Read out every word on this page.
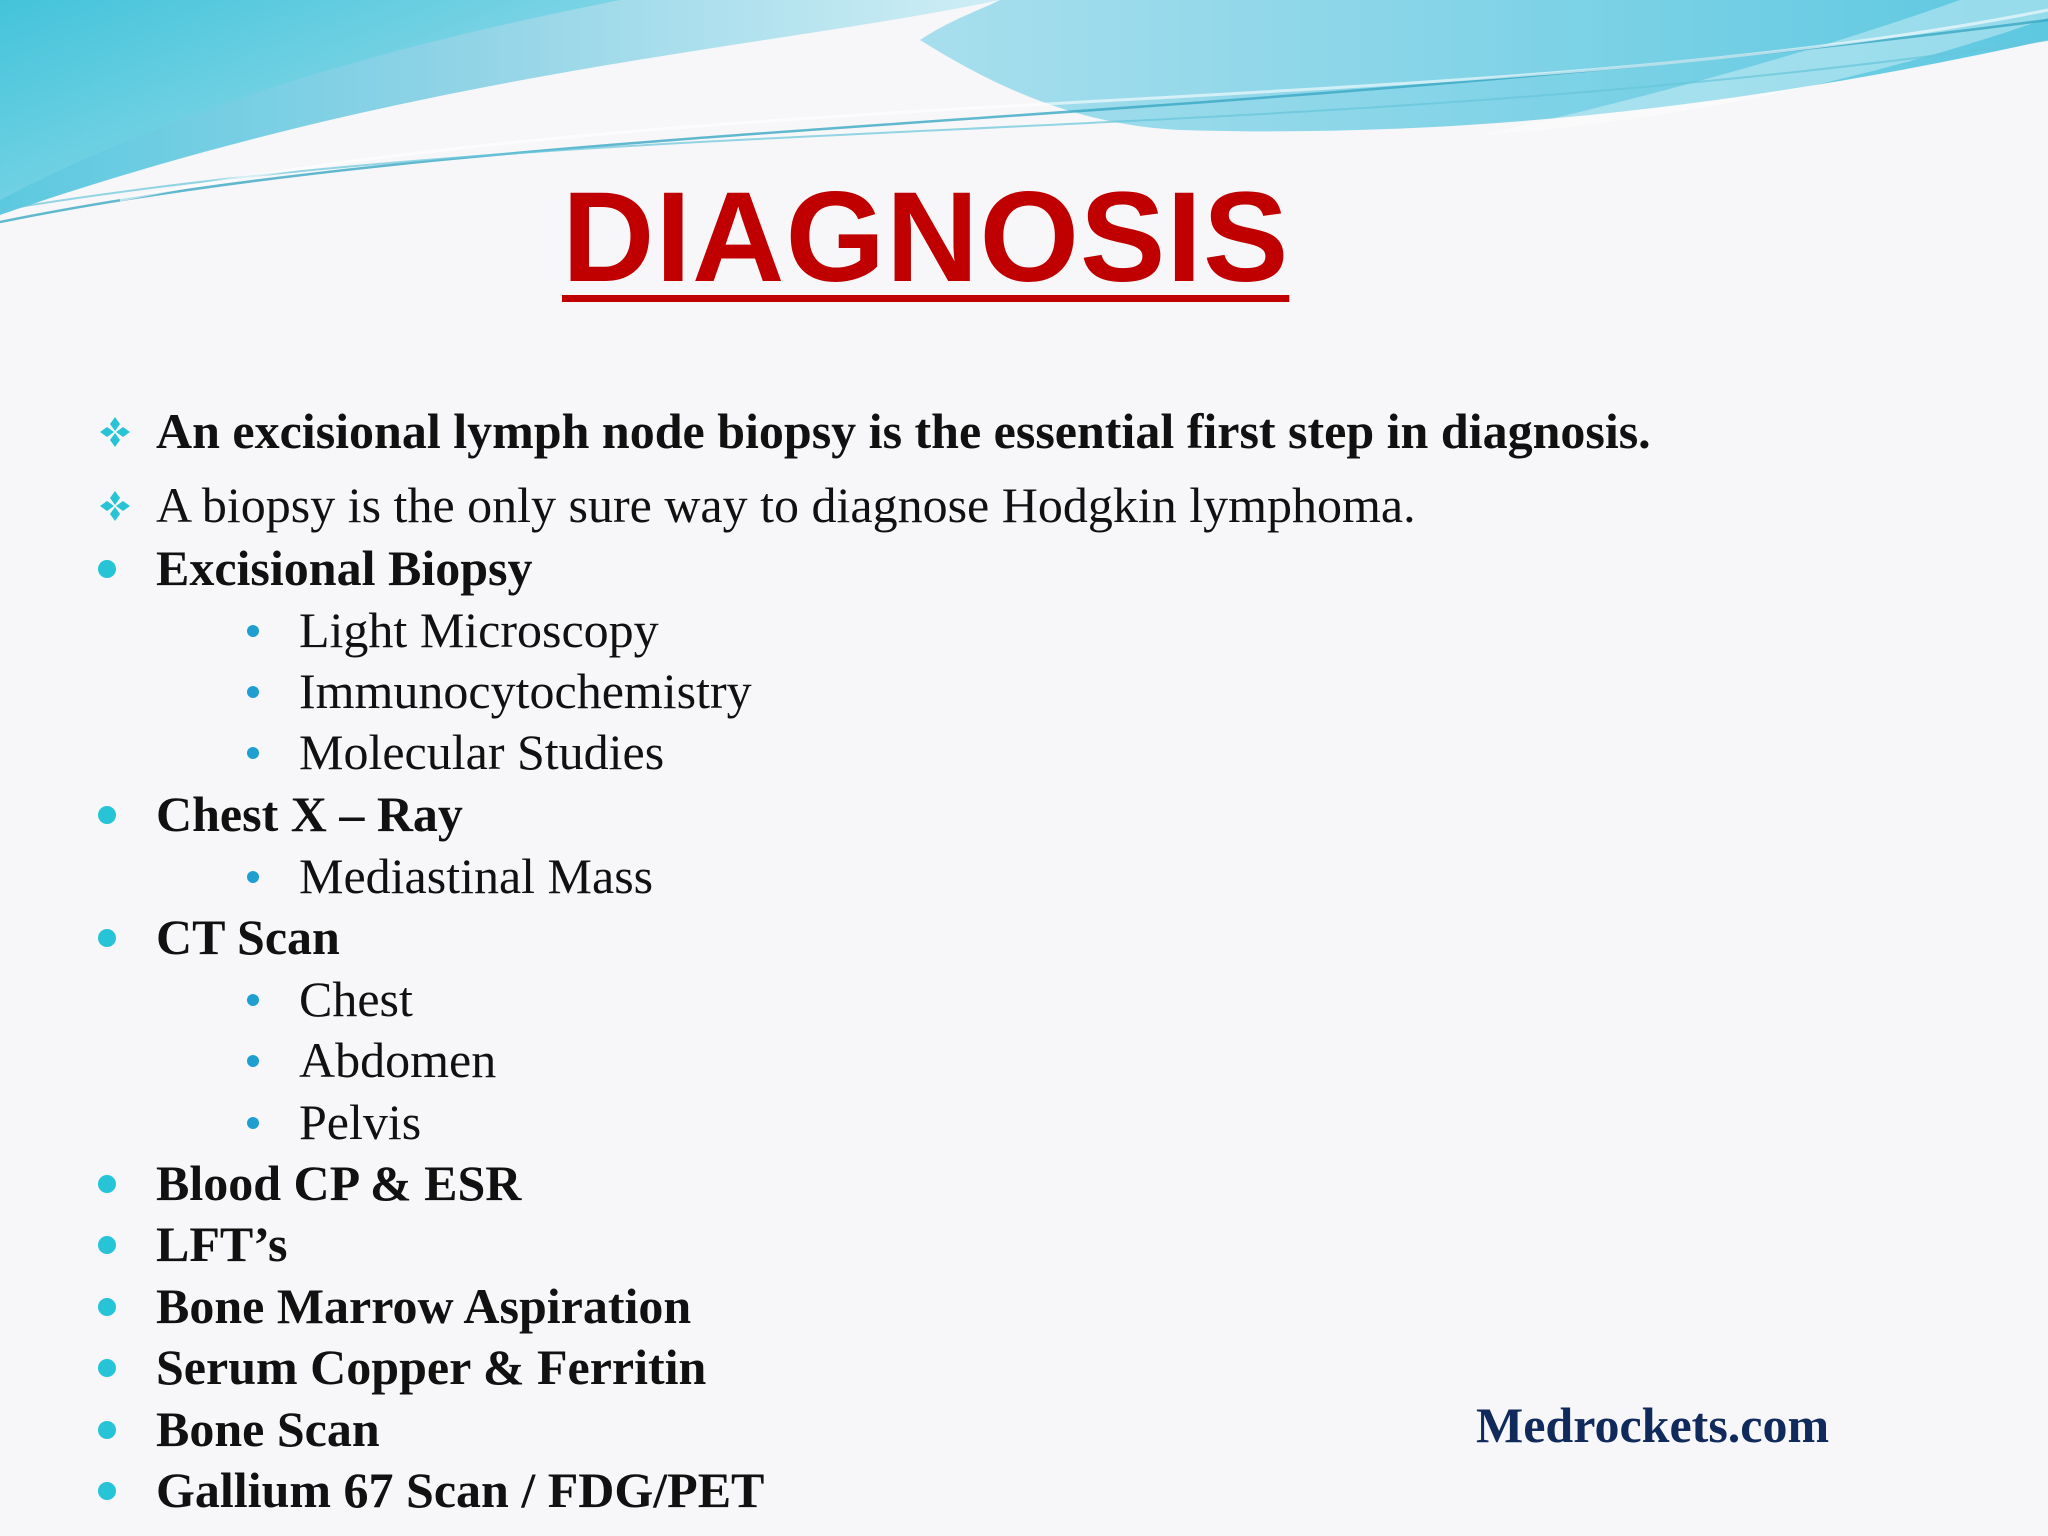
DIAGNOSIS
An excisional lymph node biopsy is the essential first step in diagnosis.
A biopsy is the only sure way to diagnose Hodgkin lymphoma.
Excisional Biopsy
Light Microscopy
Immunocytochemistry
Molecular Studies
Chest X – Ray
Mediastinal Mass
CT Scan
Chest
Abdomen
Pelvis
Blood CP & ESR
LFT’s
Bone Marrow Aspiration
Serum Copper & Ferritin
Bone Scan
Gallium 67 Scan / FDG/PET
Medrockets.com
